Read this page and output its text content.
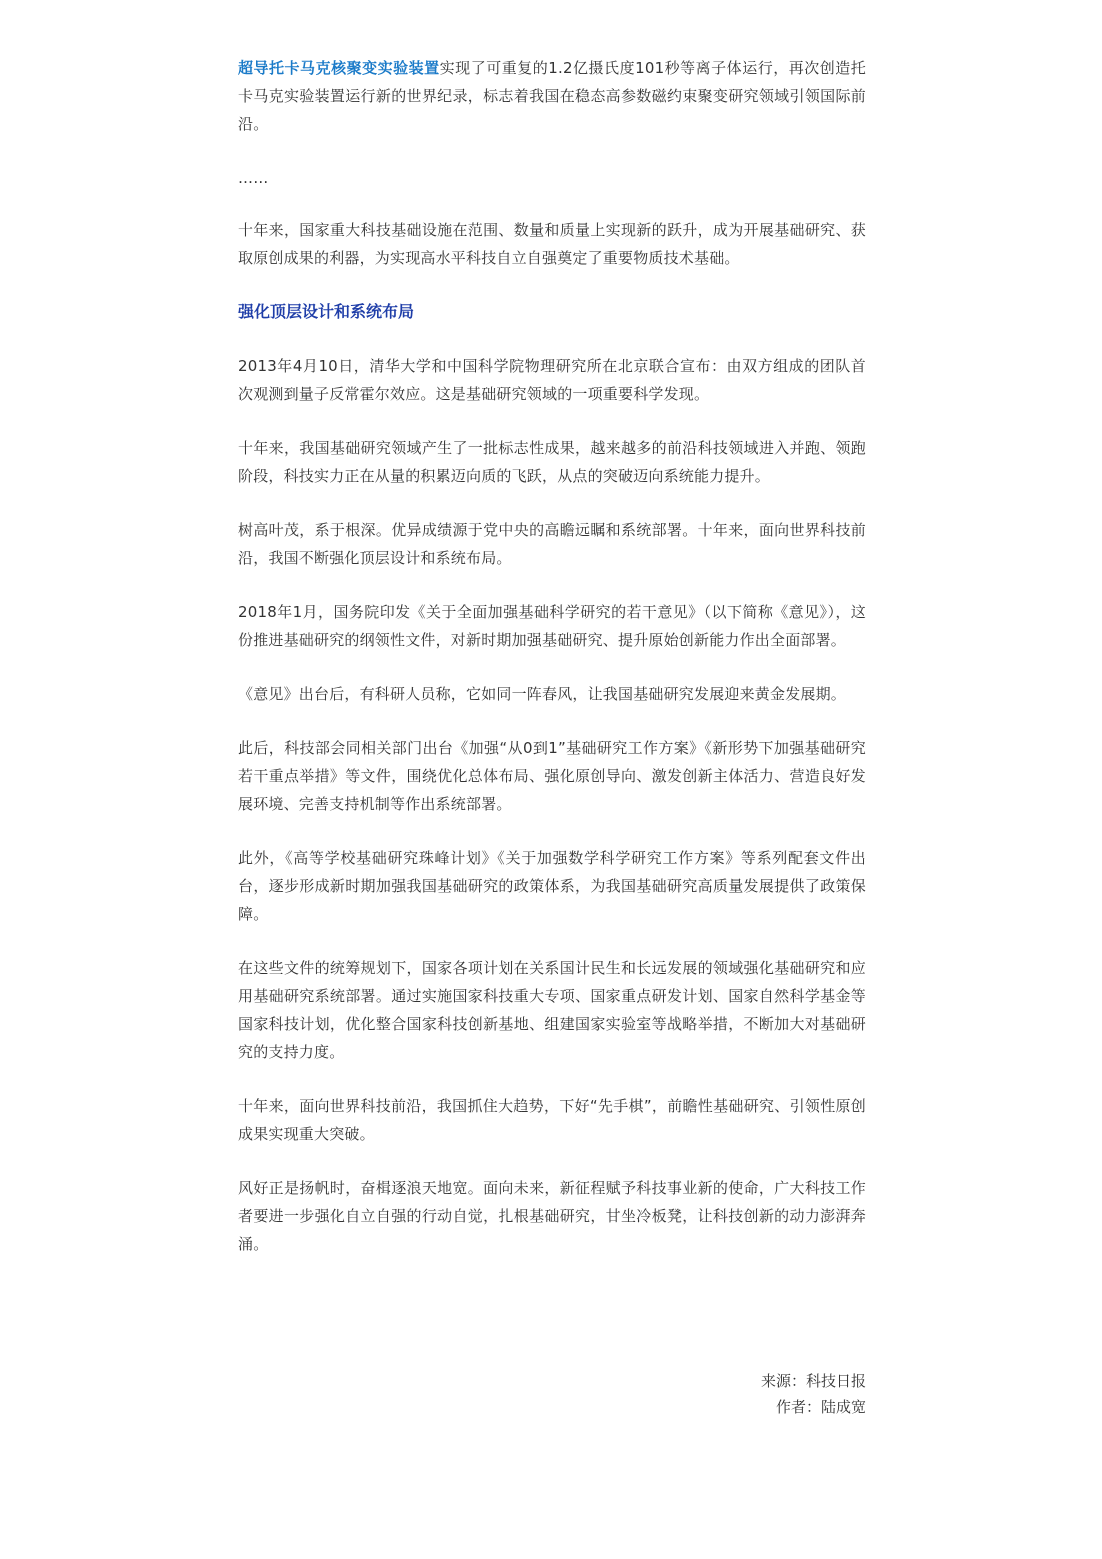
超导托卡马克核聚变实验装置实现了可重复的1.2亿摄氏度101秒等离子体运行，再次创造托卡马克实验装置运行新的世界纪录，标志着我国在稳态高参数磁约束聚变研究领域引领国际前沿。

……

十年来，国家重大科技基础设施在范围、数量和质量上实现新的跃升，成为开展基础研究、获取原创成果的利器，为实现高水平科技自立自强奠定了重要物质技术基础。

强化顶层设计和系统布局

2013年4月10日，清华大学和中国科学院物理研究所在北京联合宣布：由双方组成的团队首次观测到量子反常霍尔效应。这是基础研究领域的一项重要科学发现。

十年来，我国基础研究领域产生了一批标志性成果，越来越多的前沿科技领域进入并跑、领跑阶段，科技实力正在从量的积累迈向质的飞跃，从点的突破迈向系统能力提升。

树高叶茂，系于根深。优异成绩源于党中央的高瞻远瞩和系统部署。十年来，面向世界科技前沿，我国不断强化顶层设计和系统布局。

2018年1月，国务院印发《关于全面加强基础科学研究的若干意见》（以下简称《意见》），这份推进基础研究的纲领性文件，对新时期加强基础研究、提升原始创新能力作出全面部署。

《意见》出台后，有科研人员称，它如同一阵春风，让我国基础研究发展迎来黄金发展期。

此后，科技部会同相关部门出台《加强“从0到1”基础研究工作方案》《新形势下加强基础研究若干重点举措》等文件，围绕优化总体布局、强化原创导向、激发创新主体活力、营造良好发展环境、完善支持机制等作出系统部署。

此外，《高等学校基础研究珠峰计划》《关于加强数学科学研究工作方案》等系列配套文件出台，逐步形成新时期加强我国基础研究的政策体系，为我国基础研究高质量发展提供了政策保障。

在这些文件的统筹规划下，国家各项计划在关系国计民生和长远发展的领域强化基础研究和应用基础研究系统部署。通过实施国家科技重大专项、国家重点研发计划、国家自然科学基金等国家科技计划，优化整合国家科技创新基地、组建国家实验室等战略举措，不断加大对基础研究的支持力度。

十年来，面向世界科技前沿，我国抓住大趋势，下好“先手棋”，前瞻性基础研究、引领性原创成果实现重大突破。

风好正是扬帆时，奋楫逐浪天地宽。面向未来，新征程赋予科技事业新的使命，广大科技工作者要进一步强化自立自强的行动自觉，扎根基础研究，甘坐冷板凳，让科技创新的动力澎湃奔涌。

来源：科技日报
作者：陆成宽
